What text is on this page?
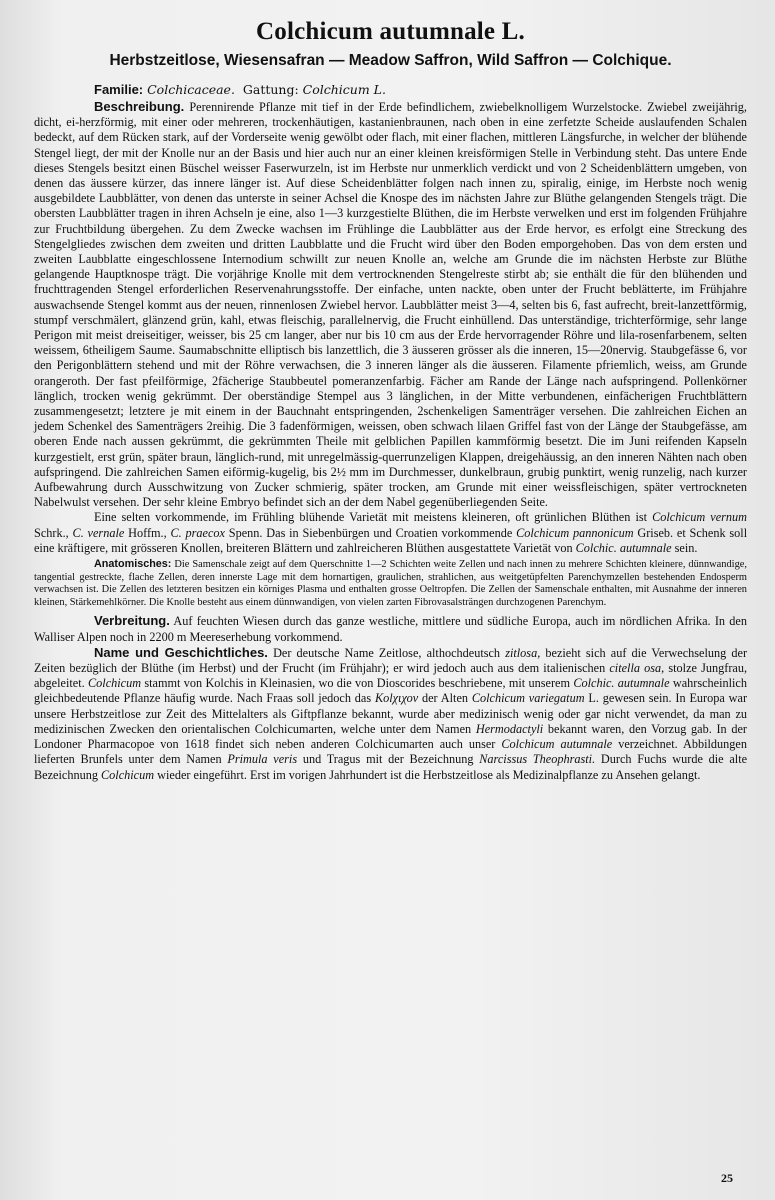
Colchicum autumnale L.
Herbstzeitlose, Wiesensafran — Meadow Saffron, Wild Saffron — Colchique.
Familie: Colchicaceae. Gattung: Colchicum L.

Beschreibung. Perennirende Pflanze mit tief in der Erde befindlichem, zwiebelknolligem Wurzelstocke. Zwiebel zweijährig, dicht, ei-herzförmig, mit einer oder mehreren, trockenhäutigen, kastanienbraunen, nach oben in eine zerfetzte Scheide auslaufenden Schalen bedeckt, auf dem Rücken stark, auf der Vorderseite wenig gewölbt oder flach, mit einer flachen, mittleren Längsfurche, in welcher der blühende Stengel liegt, der mit der Knolle nur an der Basis und hier auch nur an einer kleinen kreisförmigen Stelle in Verbindung steht. Das untere Ende dieses Stengels besitzt einen Büschel weisser Faserwurzeln, ist im Herbste nur unmerklich verdickt und von 2 Scheidenblättern umgeben, von denen das äussere kürzer, das innere länger ist. Auf diese Scheidenblätter folgen nach innen zu, spiralig, einige, im Herbste noch wenig ausgebildete Laubblätter, von denen das unterste in seiner Achsel die Knospe des im nächsten Jahre zur Blüthe gelangenden Stengels trägt. Die obersten Laubblätter tragen in ihren Achseln je eine, also 1—3 kurzgestielte Blüthen, die im Herbste verwelken und erst im folgenden Frühjahre zur Fruchtbildung übergehen. Zu dem Zwecke wachsen im Frühlinge die Laubblätter aus der Erde hervor, es erfolgt eine Streckung des Stengelgliedes zwischen dem zweiten und dritten Laubblatte und die Frucht wird über den Boden emporgehoben. Das von dem ersten und zweiten Laubblatte eingeschlossene Internodium schwillt zur neuen Knolle an, welche am Grunde die im nächsten Herbste zur Blüthe gelangende Hauptknospe trägt. Die vorjährige Knolle mit dem vertrocknenden Stengelreste stirbt ab; sie enthält die für den blühenden und fruchttragenden Stengel erforderlichen Reservenahrungsstoffe. Der einfache, unten nackte, oben unter der Frucht beblätterte, im Frühjahre auswachsende Stengel kommt aus der neuen, rinnenlosen Zwiebel hervor. Laubblätter meist 3—4, selten bis 6, fast aufrecht, breit-lanzettförmig, stumpf verschmälert, glänzend grün, kahl, etwas fleischig, parallelnervig, die Frucht einhüllend. Das unterständige, trichterförmige, sehr lange Perigon mit meist dreiseitiger, weisser, bis 25 cm langer, aber nur bis 10 cm aus der Erde hervorragender Röhre und lila-rosenfarbenem, selten weissem, 6theiligem Saume. Saumabschnitte elliptisch bis lanzettlich, die 3 äusseren grösser als die inneren, 15—20nervig. Staubgefässe 6, vor den Perigonblättern stehend und mit der Röhre verwachsen, die 3 inneren länger als die äusseren. Filamente pfriemlich, weiss, am Grunde orangeroth. Der fast pfeilförmige, 2fächerige Staubbeutel pomeranzenfarbig. Fächer am Rande der Länge nach aufspringend. Pollenkörner länglich, trocken wenig gekrümmt. Der oberständige Stempel aus 3 länglichen, in der Mitte verbundenen, einfächerigen Fruchtblättern zusammengesetzt; letztere je mit einem in der Bauchnaht entspringenden, 2schenkeligen Samenträger versehen. Die zahlreichen Eichen an jedem Schenkel des Samenträgers 2reihig. Die 3 fadenförmigen, weissen, oben schwach lilaen Griffel fast von der Länge der Staubgefässe, am oberen Ende nach aussen gekrümmt, die gekrümmten Theile mit gelblichen Papillen kammförmig besetzt. Die im Juni reifenden Kapseln kurzgestielt, erst grün, später braun, länglich-rund, mit unregelmässig-querrunzeligen Klappen, dreigehäussig, an den inneren Nähten nach oben aufspringend. Die zahlreichen Samen eiförmig-kugelig, bis 2½ mm im Durchmesser, dunkelbraun, grubig punktirt, wenig runzelig, nach kurzer Aufbewahrung durch Ausschwitzung von Zucker schmierig, später trocken, am Grunde mit einer weissfleischigen, später vertrockneten Nabelwulst versehen. Der sehr kleine Embryo befindet sich an der dem Nabel gegenüberliegenden Seite.

Eine selten vorkommende, im Frühling blühende Varietät mit meistens kleineren, oft grünlichen Blüthen ist Colchicum vernum Schrk., C. vernale Hoffm., C. praecox Spenn. Das in Siebenbürgen und Croatien vorkommende Colchicum pannonicum Griseb. et Schenk soll eine kräftigere, mit grösseren Knollen, breiteren Blättern und zahlreicheren Blüthen ausgestattete Varietät von Colchic. autumnale sein.

Anatomisches: Die Samenschale zeigt auf dem Querschnitte 1—2 Schichten weite Zellen und nach innen zu mehrere Schichten kleinere, dünnwandige, tangential gestreckte, flache Zellen, deren innerste Lage mit dem hornartigen, graulichen, strahlichen, aus weitgetüpfelten Parenchymzellen bestehenden Endosperm verwachsen ist. Die Zellen des letzteren besitzen ein körniges Plasma und enthalten grosse Oeltropfen. Die Zellen der Samenschale enthalten, mit Ausnahme der inneren kleinen, Stärkemehlkörner. Die Knolle besteht aus einem dünnwandigen, von vielen zarten Fibrovasalsträngen durchzogenen Parenchym.

Verbreitung. Auf feuchten Wiesen durch das ganze westliche, mittlere und südliche Europa, auch im nördlichen Afrika. In den Walliser Alpen noch in 2200 m Meereserhebung vorkommend.

Name und Geschichtliches. Der deutsche Name Zeitlose, althochdeutsch zitlosa, bezieht sich auf die Verwechselung der Zeiten bezüglich der Blüthe (im Herbst) und der Frucht (im Frühjahr); er wird jedoch auch aus dem italienischen citella osa, stolze Jungfrau, abgeleitet. Colchicum stammt von Kolchis in Kleinasien, wo die von Dioscorides beschriebene, mit unserem Colchic. autumnale wahrscheinlich gleichbedeutende Pflanze häufig wurde. Nach Fraas soll jedoch das Kolχιχον der Alten Colchicum variegatum L. gewesen sein. In Europa war unsere Herbstzeitlose zur Zeit des Mittelalters als Giftpflanze bekannt, wurde aber medizinisch wenig oder gar nicht verwendet, da man zu medizinischen Zwecken den orientalischen Colchicumarten, welche unter dem Namen Hermodactyli bekannt waren, den Vorzug gab. In der Londoner Pharmacopoe von 1618 findet sich neben anderen Colchicumarten auch unser Colchicum autumnale verzeichnet. Abbildungen lieferten Brunfels unter dem Namen Primula veris und Tragus mit der Bezeichnung Narcissus Theophrasti. Durch Fuchs wurde die alte Bezeichnung Colchicum wieder eingeführt. Erst im vorigen Jahrhundert ist die Herbstzeitlose als Medizinalpflanze zu Ansehen gelangt.

25
